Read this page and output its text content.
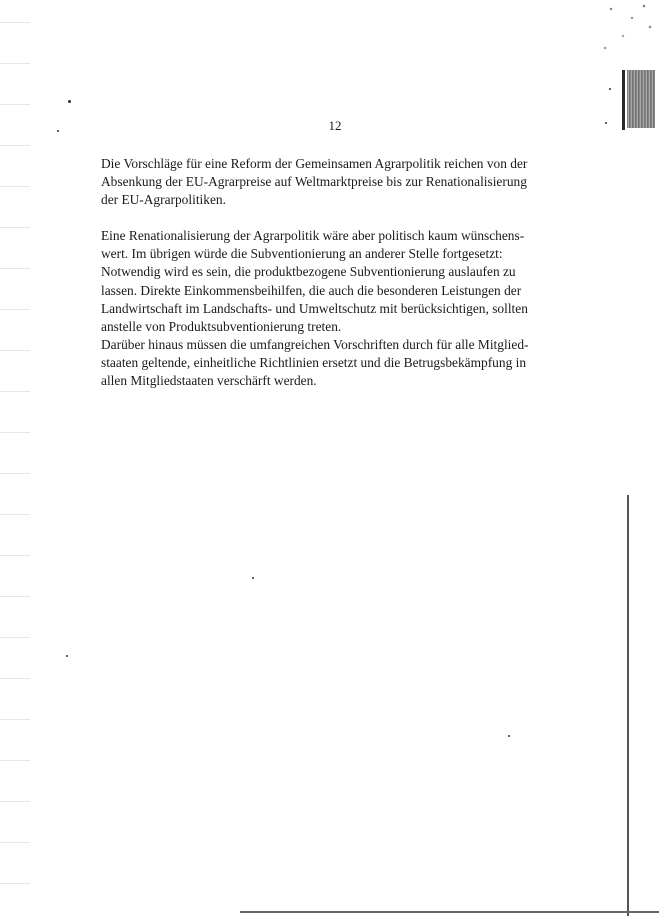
12

Die Vorschläge für eine Reform der Gemeinsamen Agrarpolitik reichen von der
Absenkung der EU-Agrarpreise auf Weltmarktpreise bis zur Renationalisierung
der EU-Agrarpolitiken.

Eine Renationalisierung der Agrarpolitik wäre aber politisch kaum wünschens-
wert. Im übrigen würde die Subventionierung an anderer Stelle fortgesetzt:
Notwendig wird es sein, die produktbezogene Subventionierung auslaufen zu
lassen. Direkte Einkommensbeihilfen, die auch die besonderen Leistungen der
Landwirtschaft im Landschafts- und Umweltschutz mit berücksichtigen, sollten
anstelle von Produktsubventionierung treten.

Darüber hinaus müssen die umfangreichen Vorschriften durch für alle Mitglied-
staaten geltende, einheitliche Richtlinien ersetzt und die Betrugsbekämpfung in
allen Mitgliedstaaten verschärft werden.
